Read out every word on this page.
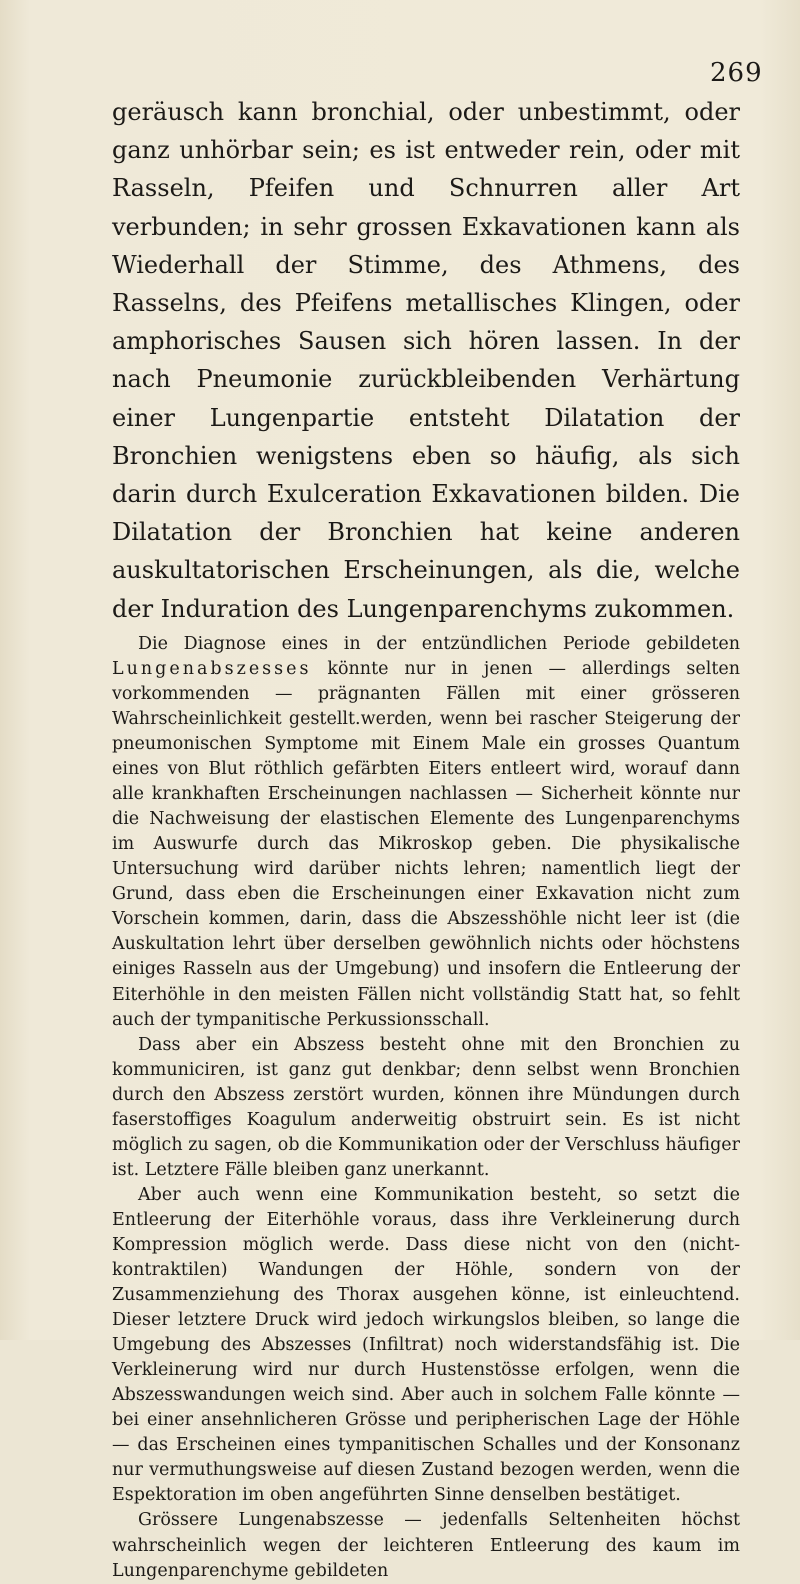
269

geräusch kann bronchial, oder unbestimmt, oder ganz unhörbar sein; es ist entweder rein, oder mit Rasseln, Pfeifen und Schnurren aller Art verbunden; in sehr grossen Exkavationen kann als Wiederhall der Stimme, des Athmens, des Rasselns, des Pfeifens metallisches Klingen, oder amphorisches Sausen sich hören lassen. In der nach Pneumonie zurückbleibenden Verhärtung einer Lungenpartie entsteht Dilatation der Bronchien wenigstens eben so häufig, als sich darin durch Exulceration Exkavationen bilden. Die Dilatation der Bronchien hat keine anderen auskultatorischen Erscheinungen, als die, welche der Induration des Lungenparenchyms zukommen.

Die Diagnose eines in der entzündlichen Periode gebildeten Lungenabszesses könnte nur in jenen — allerdings selten vorkommenden — prägnanten Fällen mit einer grösseren Wahrscheinlichkeit gestellt.werden, wenn bei rascher Steigerung der pneumonischen Symptome mit Einem Male ein grosses Quantum eines von Blut röthlich gefärbten Eiters entleert wird, worauf dann alle krankhaften Erscheinungen nachlassen — Sicherheit könnte nur die Nachweisung der elastischen Elemente des Lungenparenchyms im Auswurfe durch das Mikroskop geben. Die physikalische Untersuchung wird darüber nichts lehren; namentlich liegt der Grund, dass eben die Erscheinungen einer Exkavation nicht zum Vorschein kommen, darin, dass die Abszesshöhle nicht leer ist (die Auskultation lehrt über derselben gewöhnlich nichts oder höchstens einiges Rasseln aus der Umgebung) und insofern die Entleerung der Eiterhöhle in den meisten Fällen nicht vollständig Statt hat, so fehlt auch der tympanitische Perkussionsschall.

Dass aber ein Abszess besteht ohne mit den Bronchien zu kommuniciren, ist ganz gut denkbar; denn selbst wenn Bronchien durch den Abszess zerstört wurden, können ihre Mündungen durch faserstoffiges Koagulum anderweitig obstruirt sein. Es ist nicht möglich zu sagen, ob die Kommunikation oder der Verschluss häufiger ist. Letztere Fälle bleiben ganz unerkannt.

Aber auch wenn eine Kommunikation besteht, so setzt die Entleerung der Eiterhöhle voraus, dass ihre Verkleinerung durch Kompression möglich werde. Dass diese nicht von den (nicht-kontraktilen) Wandungen der Höhle, sondern von der Zusammenziehung des Thorax ausgehen könne, ist einleuchtend. Dieser letztere Druck wird jedoch wirkungslos bleiben, so lange die Umgebung des Abszesses (Infiltrat) noch widerstandsfähig ist. Die Verkleinerung wird nur durch Hustenstösse erfolgen, wenn die Abszesswandungen weich sind. Aber auch in solchem Falle könnte — bei einer ansehnlicheren Grösse und peripherischen Lage der Höhle — das Erscheinen eines tympanitischen Schalles und der Konsonanz nur vermuthungsweise auf diesen Zustand bezogen werden, wenn die Espektoration im oben angeführten Sinne denselben bestätiget.

Grössere Lungenabszesse — jedenfalls Seltenheiten höchst wahrscheinlich wegen der leichteren Entleerung des kaum im Lungenparenchyme gebildeten
